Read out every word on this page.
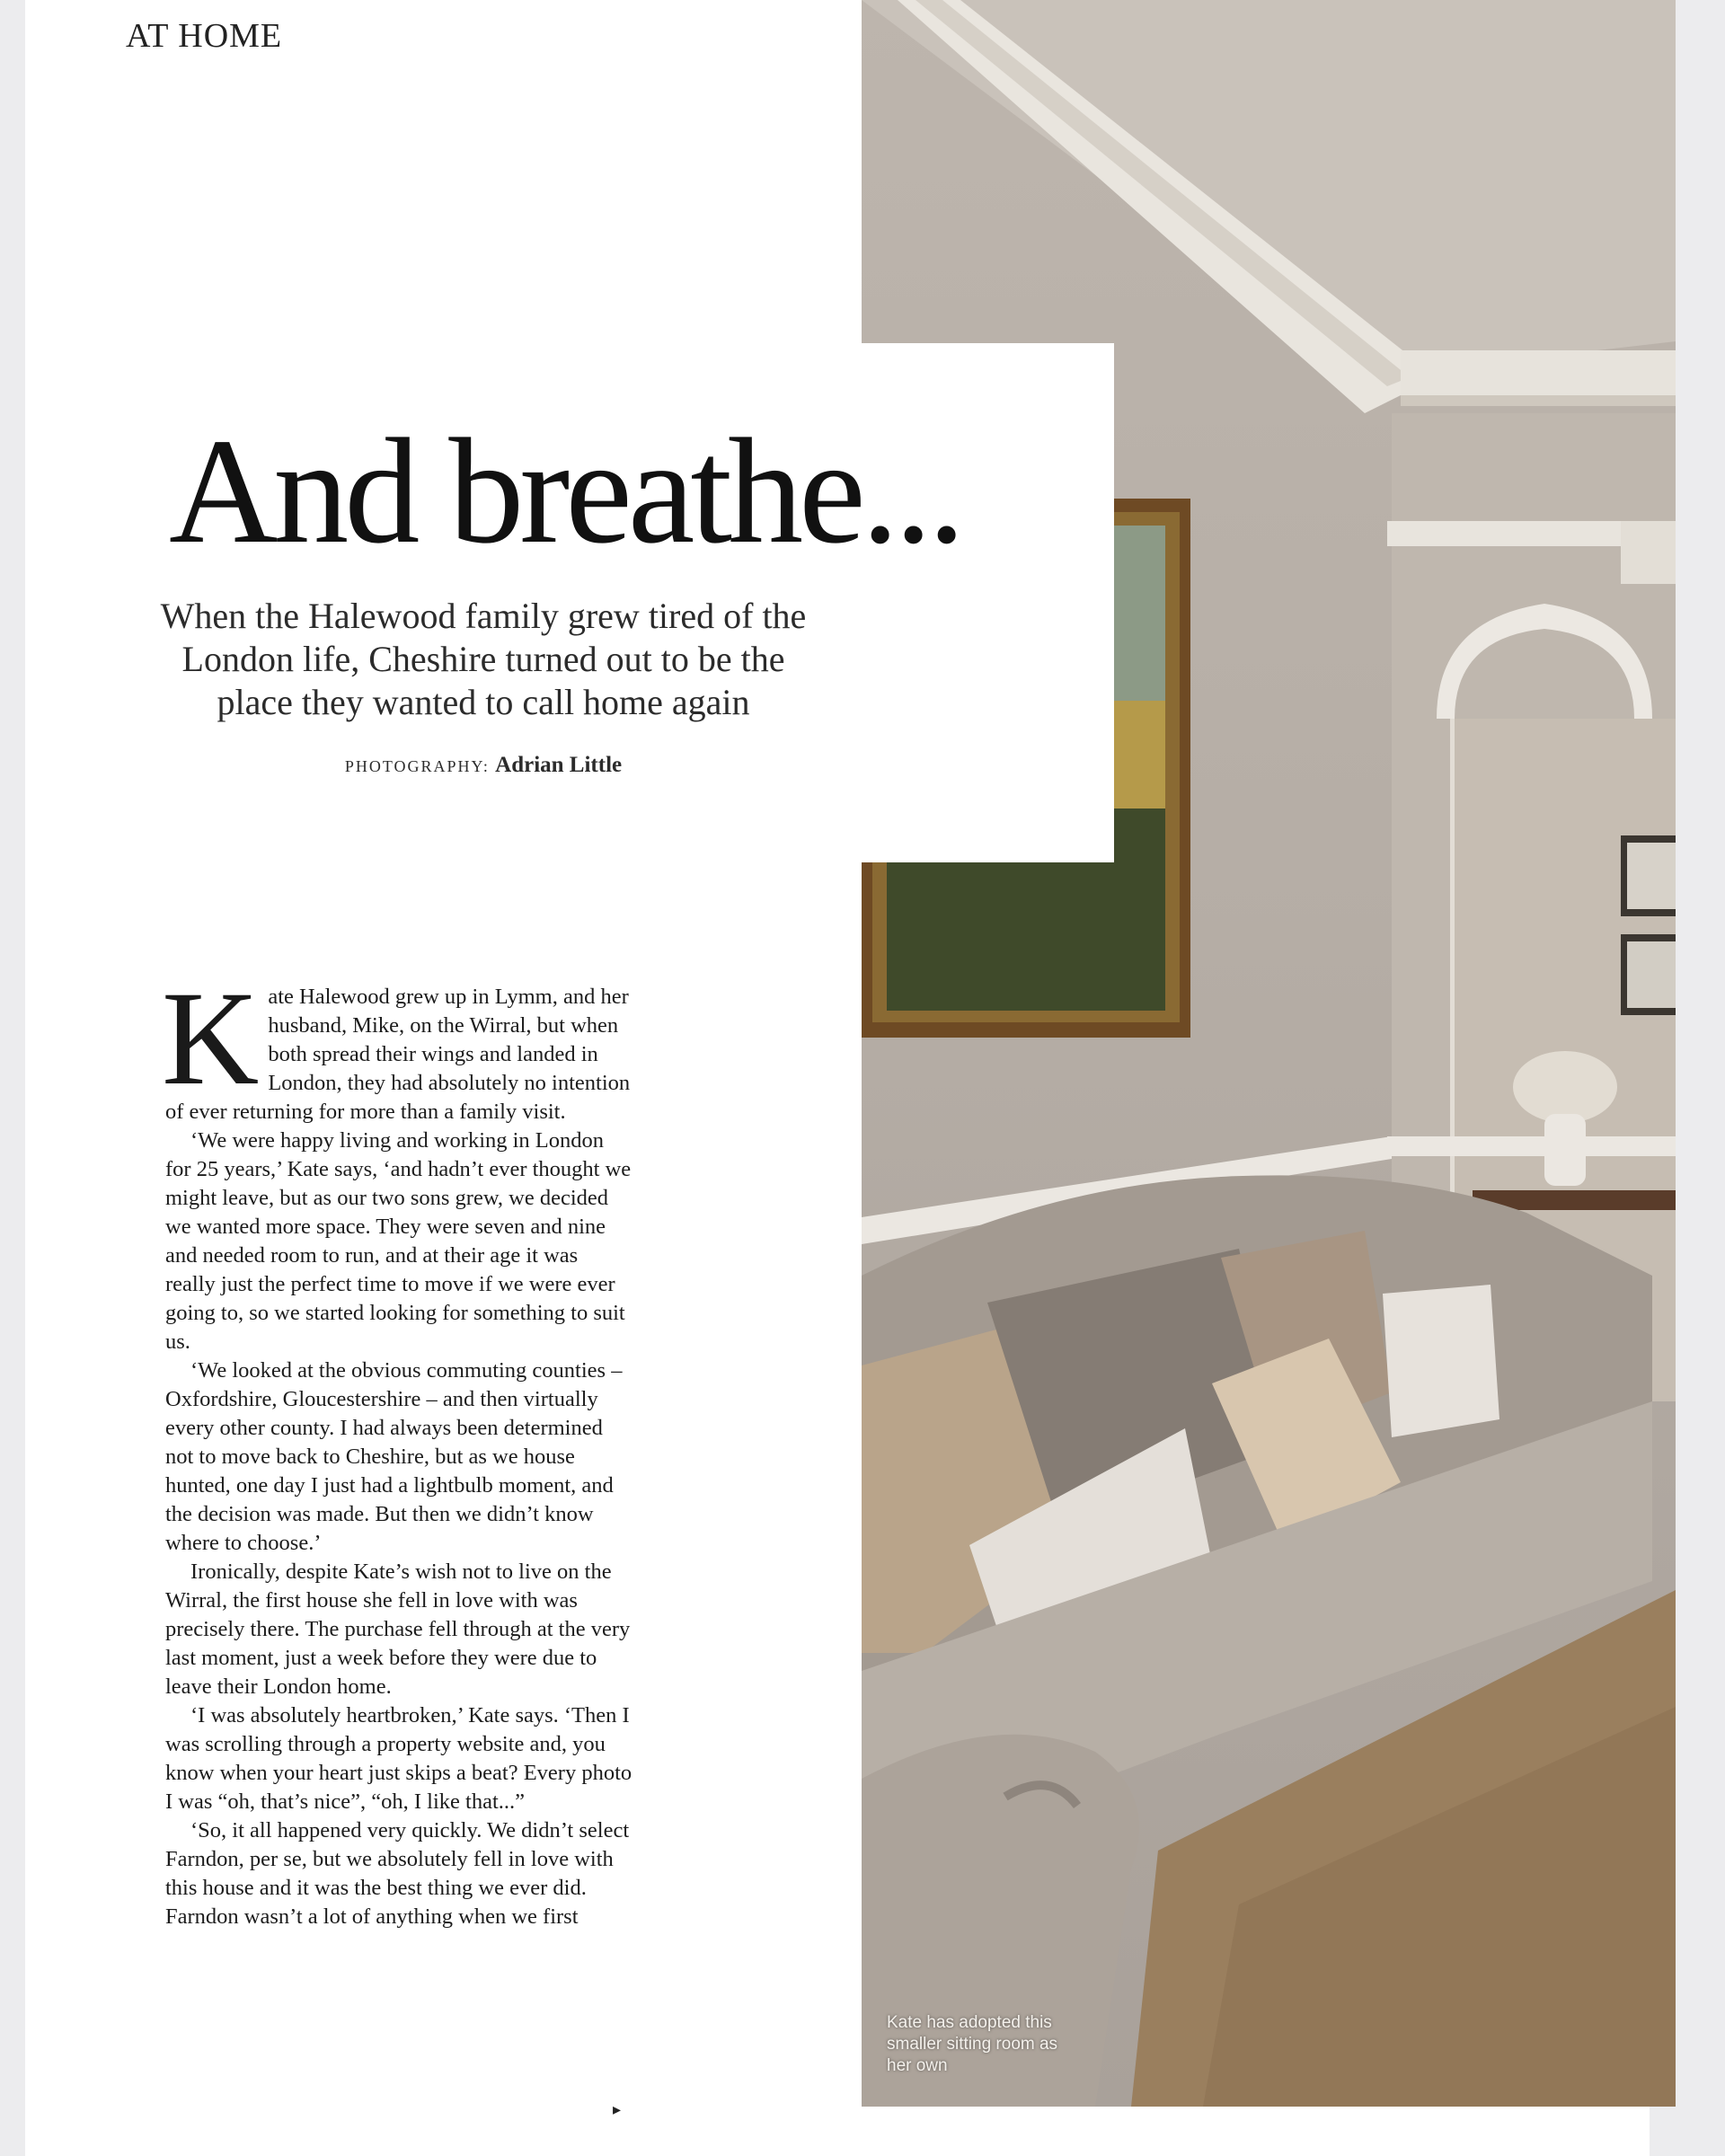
AT HOME
Kate has adopted this smaller sitting room as her own
And breathe...
When the Halewood family grew tired of the London life, Cheshire turned out to be the place they wanted to call home again
PHOTOGRAPHY: Adrian Little

Kate Halewood grew up in Lymm, and her husband, Mike, on the Wirral, but when both spread their wings and landed in London, they had absolutely no intention of ever returning for more than a family visit.

‘We were happy living and working in London for 25 years,’ Kate says, ‘and hadn’t ever thought we might leave, but as our two sons grew, we decided we wanted more space. They were seven and nine and needed room to run, and at their age it was really just the perfect time to move if we were ever going to, so we started looking for something to suit us.

‘We looked at the obvious commuting counties – Oxfordshire, Gloucestershire – and then virtually every other county. I had always been determined not to move back to Cheshire, but as we house hunted, one day I just had a lightbulb moment, and the decision was made. But then we didn’t know where to choose.’

Ironically, despite Kate’s wish not to live on the Wirral, the first house she fell in love with was precisely there. The purchase fell through at the very last moment, just a week before they were due to leave their London home.

‘I was absolutely heartbroken,’ Kate says. ‘Then I was scrolling through a property website and, you know when your heart just skips a beat? Every photo I was “oh, that’s nice”, “oh, I like that...”

‘So, it all happened very quickly. We didn’t select Farndon, per se, but we absolutely fell in love with this house and it was the best thing we ever did. Farndon wasn’t a lot of anything when we first

▸
